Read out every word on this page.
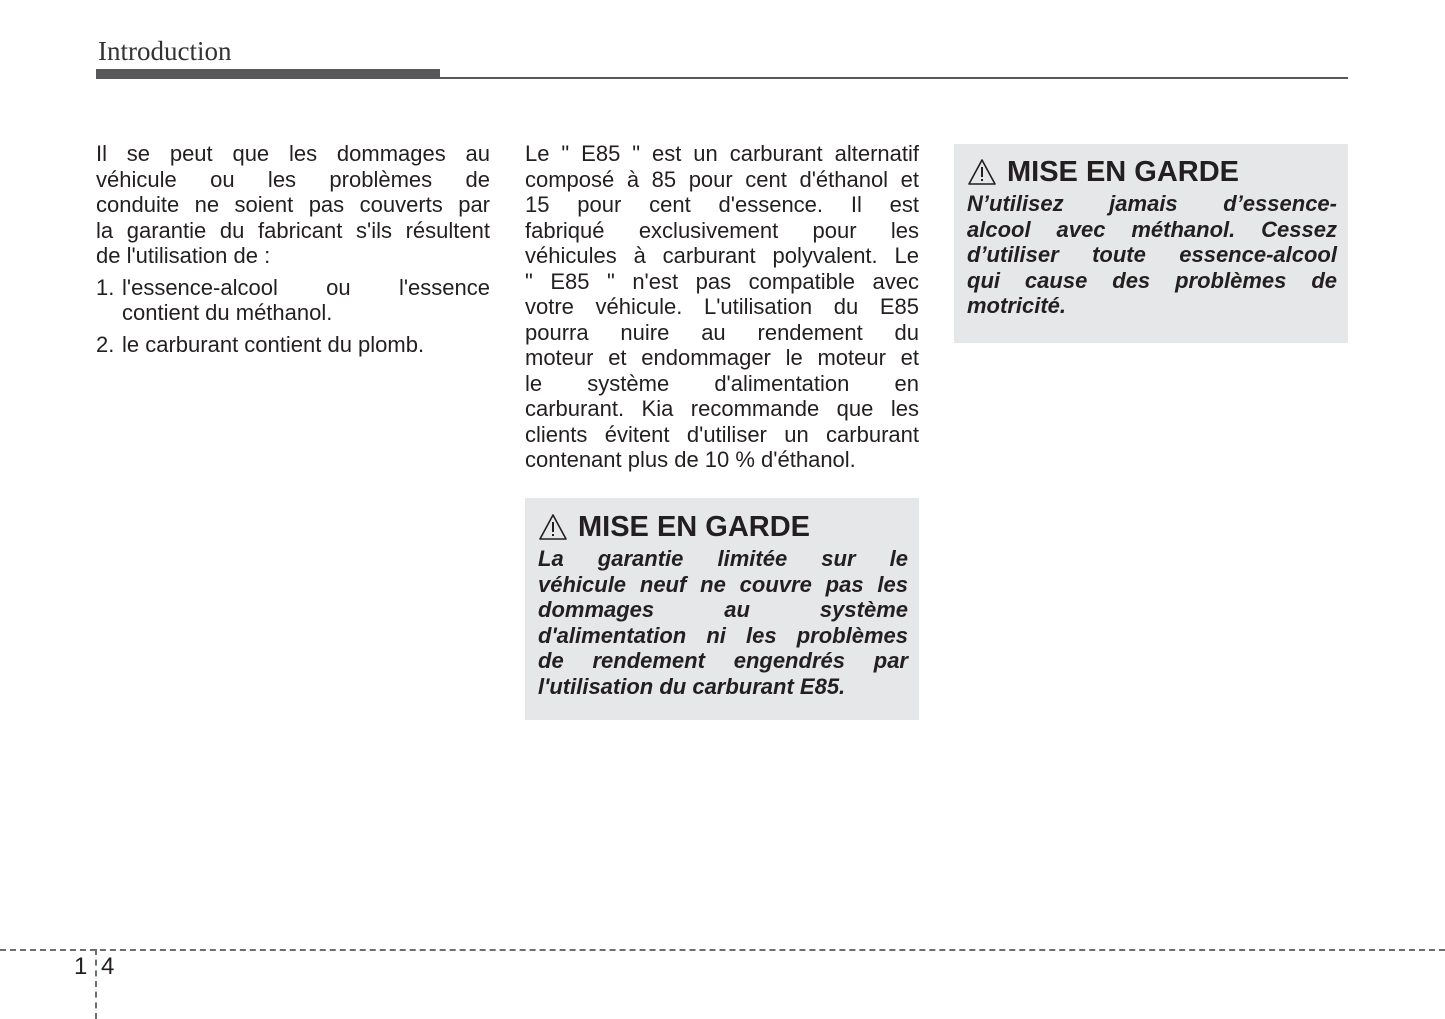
Introduction
Il se peut que les dommages au
véhicule ou les problèmes de
conduite ne soient pas couverts par
la garantie du fabricant s'ils résultent
de l'utilisation de :
1. l'essence-alcool ou l'essence
contient du méthanol.
2. le carburant contient du plomb.
Le " E85 " est un carburant alternatif
composé à 85 pour cent d'éthanol et
15 pour cent d'essence. Il est
fabriqué exclusivement pour les
véhicules à carburant polyvalent. Le
" E85 " n'est pas compatible avec
votre véhicule. L'utilisation du E85
pourra nuire au rendement du
moteur et endommager le moteur et
le système d'alimentation en
carburant. Kia recommande que les
clients évitent d'utiliser un carburant
contenant plus de 10 % d'éthanol.
MISE EN GARDE
La garantie limitée sur le
véhicule neuf ne couvre pas les
dommages au système
d'alimentation ni les problèmes
de rendement engendrés par
l'utilisation du carburant E85.
MISE EN GARDE
N’utilisez jamais d’essence-
alcool avec méthanol. Cessez
d’utiliser toute essence-alcool
qui cause des problèmes de
motricité.
1 4
